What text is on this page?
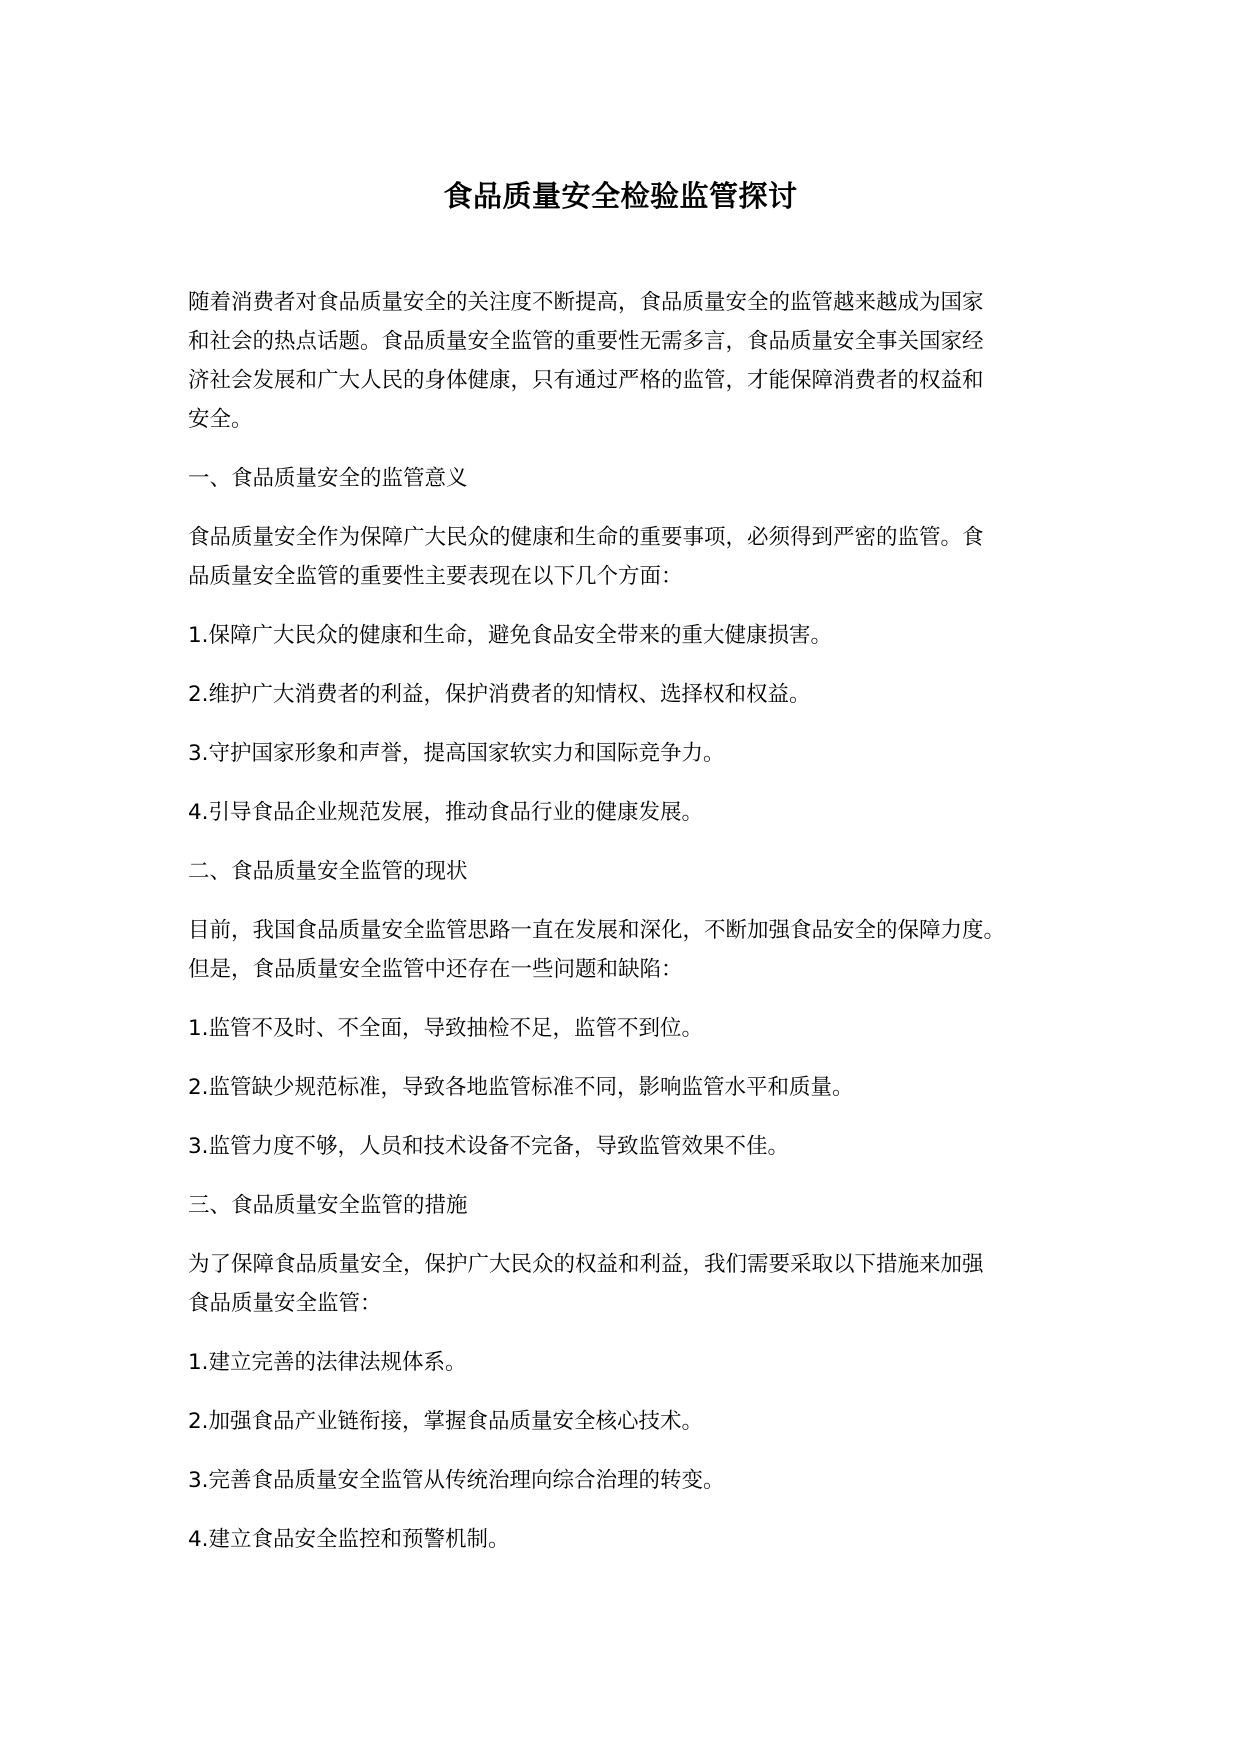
食品质量安全检验监管探讨

随着消费者对食品质量安全的关注度不断提高，食品质量安全的监管越来越成为国家
和社会的热点话题。食品质量安全监管的重要性无需多言，食品质量安全事关国家经
济社会发展和广大人民的身体健康，只有通过严格的监管，才能保障消费者的权益和
安全。

一、食品质量安全的监管意义

食品质量安全作为保障广大民众的健康和生命的重要事项，必须得到严密的监管。食
品质量安全监管的重要性主要表现在以下几个方面：

1.保障广大民众的健康和生命，避免食品安全带来的重大健康损害。

2.维护广大消费者的利益，保护消费者的知情权、选择权和权益。

3.守护国家形象和声誉，提高国家软实力和国际竞争力。

4.引导食品企业规范发展，推动食品行业的健康发展。

二、食品质量安全监管的现状

目前，我国食品质量安全监管思路一直在发展和深化，不断加强食品安全的保障力度。
但是，食品质量安全监管中还存在一些问题和缺陷：

1.监管不及时、不全面，导致抽检不足，监管不到位。

2.监管缺少规范标准，导致各地监管标准不同，影响监管水平和质量。

3.监管力度不够，人员和技术设备不完备，导致监管效果不佳。

三、食品质量安全监管的措施

为了保障食品质量安全，保护广大民众的权益和利益，我们需要采取以下措施来加强
食品质量安全监管：

1.建立完善的法律法规体系。

2.加强食品产业链衔接，掌握食品质量安全核心技术。

3.完善食品质量安全监管从传统治理向综合治理的转变。

4.建立食品安全监控和预警机制。
